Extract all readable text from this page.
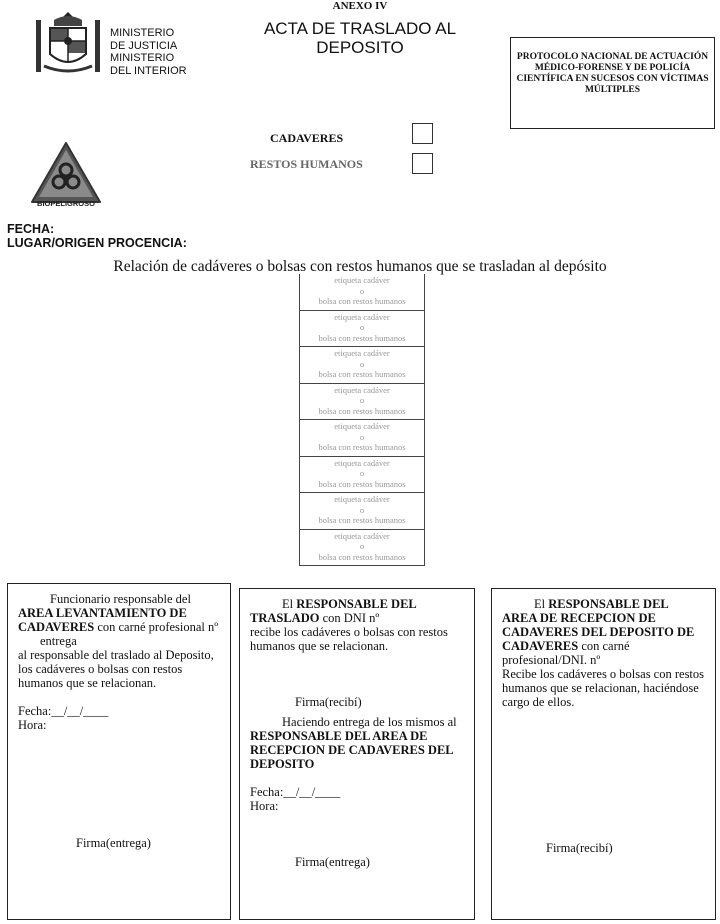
ANEXO IV
MINISTERIO
DE JUSTICIA
MINISTERIO
DEL INTERIOR
ACTA DE TRASLADO AL DEPOSITO	PROTOCOLO NACIONAL DE ACTUACIÓN MÉDICO-FORENSE Y DE POLICÍA CIENTÍFICA EN SUCESOS CON VÍCTIMAS MÚLTIPLES
CADAVERES
RESTOS HUMANOS
BIOPELIGROSO
FECHA:
LUGAR/ORIGEN PROCENCIA:
Relación de cadáveres o bolsas con restos humanos que se trasladan al depósito
etiqueta cadáver
o
bolsa con restos humanos
etiqueta cadáver
o
bolsa con restos humanos
etiqueta cadáver
o
bolsa con restos humanos
etiqueta cadáver
o
bolsa con restos humanos
etiqueta cadáver
o
bolsa con restos humanos
etiqueta cadáver
o
bolsa con restos humanos
etiqueta cadáver
o
bolsa con restos humanos
etiqueta cadáver
o
bolsa con restos humanos

Funcionario responsable del

AREA LEVANTAMIENTO DE CADAVERES con carné profesional nºentrega

al responsable del traslado al Deposito, los cadáveres o bolsas con restos humanos que se relacionan.

Fecha:__/__/____

Hora:

Firma(entrega)

El RESPONSABLE DEL TRASLADO con DNI nº

recibe los cadáveres o bolsas con restos humanos que se relacionan.

Firma(recibí)

Haciendo entrega de los mismos al RESPONSABLE DEL AREA DE RECEPCION DE CADAVERES DEL DEPOSITO

Fecha:__/__/____

Hora:

Firma(entrega)

El RESPONSABLE DEL AREA DE RECEPCION DE CADAVERES DEL DEPOSITO DE CADAVERES con carné profesional/DNI. nº

Recibe los cadáveres o bolsas con restos humanos que se relacionan, haciéndose cargo de ellos.

Firma(recibí)
